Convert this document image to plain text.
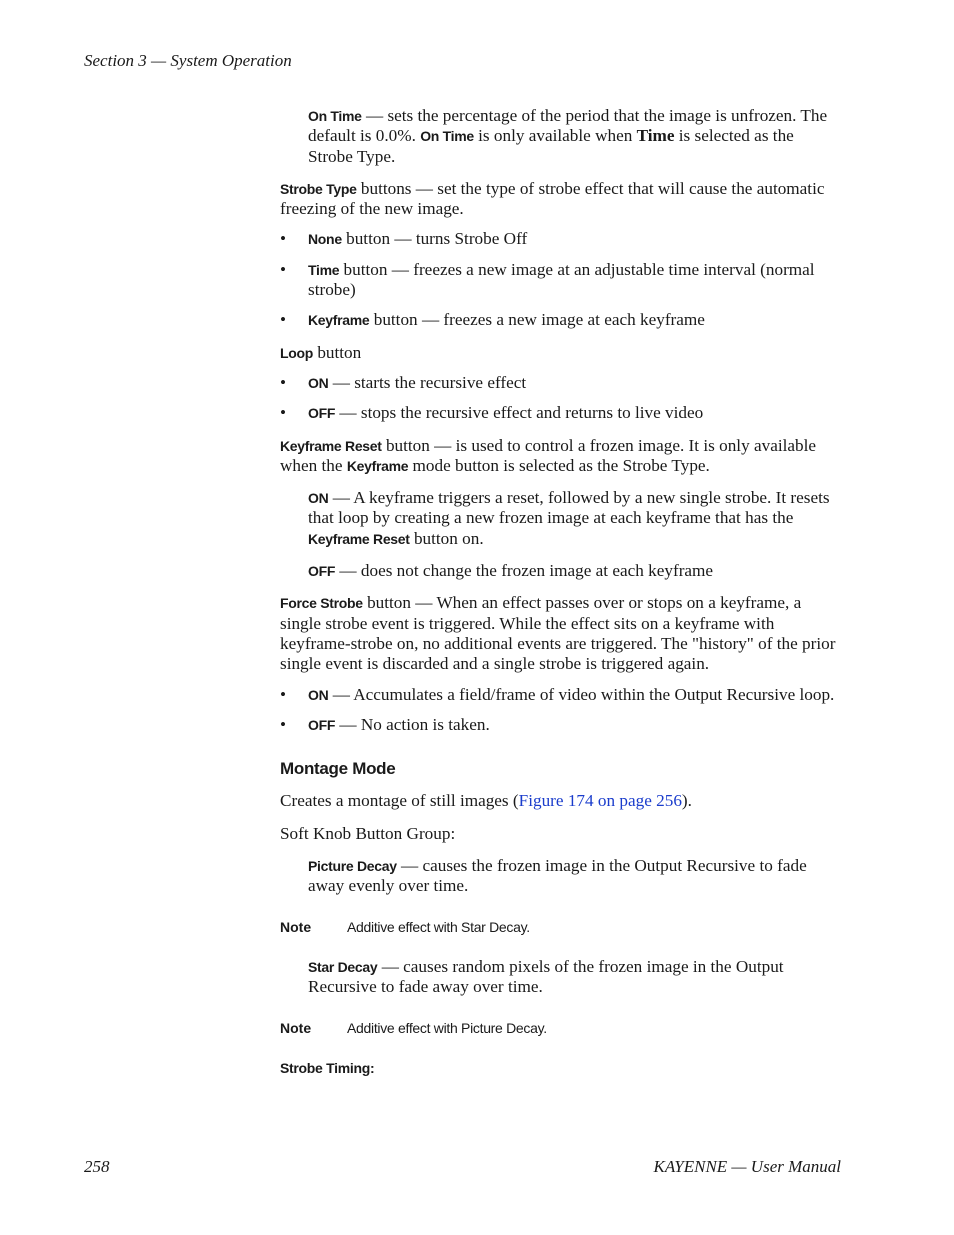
Section 3 — System Operation

On Time — sets the percentage of the period that the image is unfrozen. The default is 0.0%. On Time is only available when Time is selected as the Strobe Type.

Strobe Type buttons — set the type of strobe effect that will cause the automatic freezing of the new image.

• None button — turns Strobe Off
• Time button — freezes a new image at an adjustable time interval (normal strobe)
• Keyframe button — freezes a new image at each keyframe

Loop button

• ON — starts the recursive effect
• OFF — stops the recursive effect and returns to live video

Keyframe Reset button — is used to control a frozen image. It is only available when the Keyframe mode button is selected as the Strobe Type.

ON — A keyframe triggers a reset, followed by a new single strobe. It resets that loop by creating a new frozen image at each keyframe that has the Keyframe Reset button on.

OFF — does not change the frozen image at each keyframe

Force Strobe button — When an effect passes over or stops on a keyframe, a single strobe event is triggered. While the effect sits on a keyframe with keyframe-strobe on, no additional events are triggered. The "history" of the prior single event is discarded and a single strobe is triggered again.

• ON — Accumulates a field/frame of video within the Output Recursive loop.
• OFF — No action is taken.

Montage Mode

Creates a montage of still images (Figure 174 on page 256).

Soft Knob Button Group:

Picture Decay — causes the frozen image in the Output Recursive to fade away evenly over time.

Note	Additive effect with Star Decay.

Star Decay — causes random pixels of the frozen image in the Output Recursive to fade away over time.

Note	Additive effect with Picture Decay.

Strobe Timing:

258	KAYENNE — User Manual
